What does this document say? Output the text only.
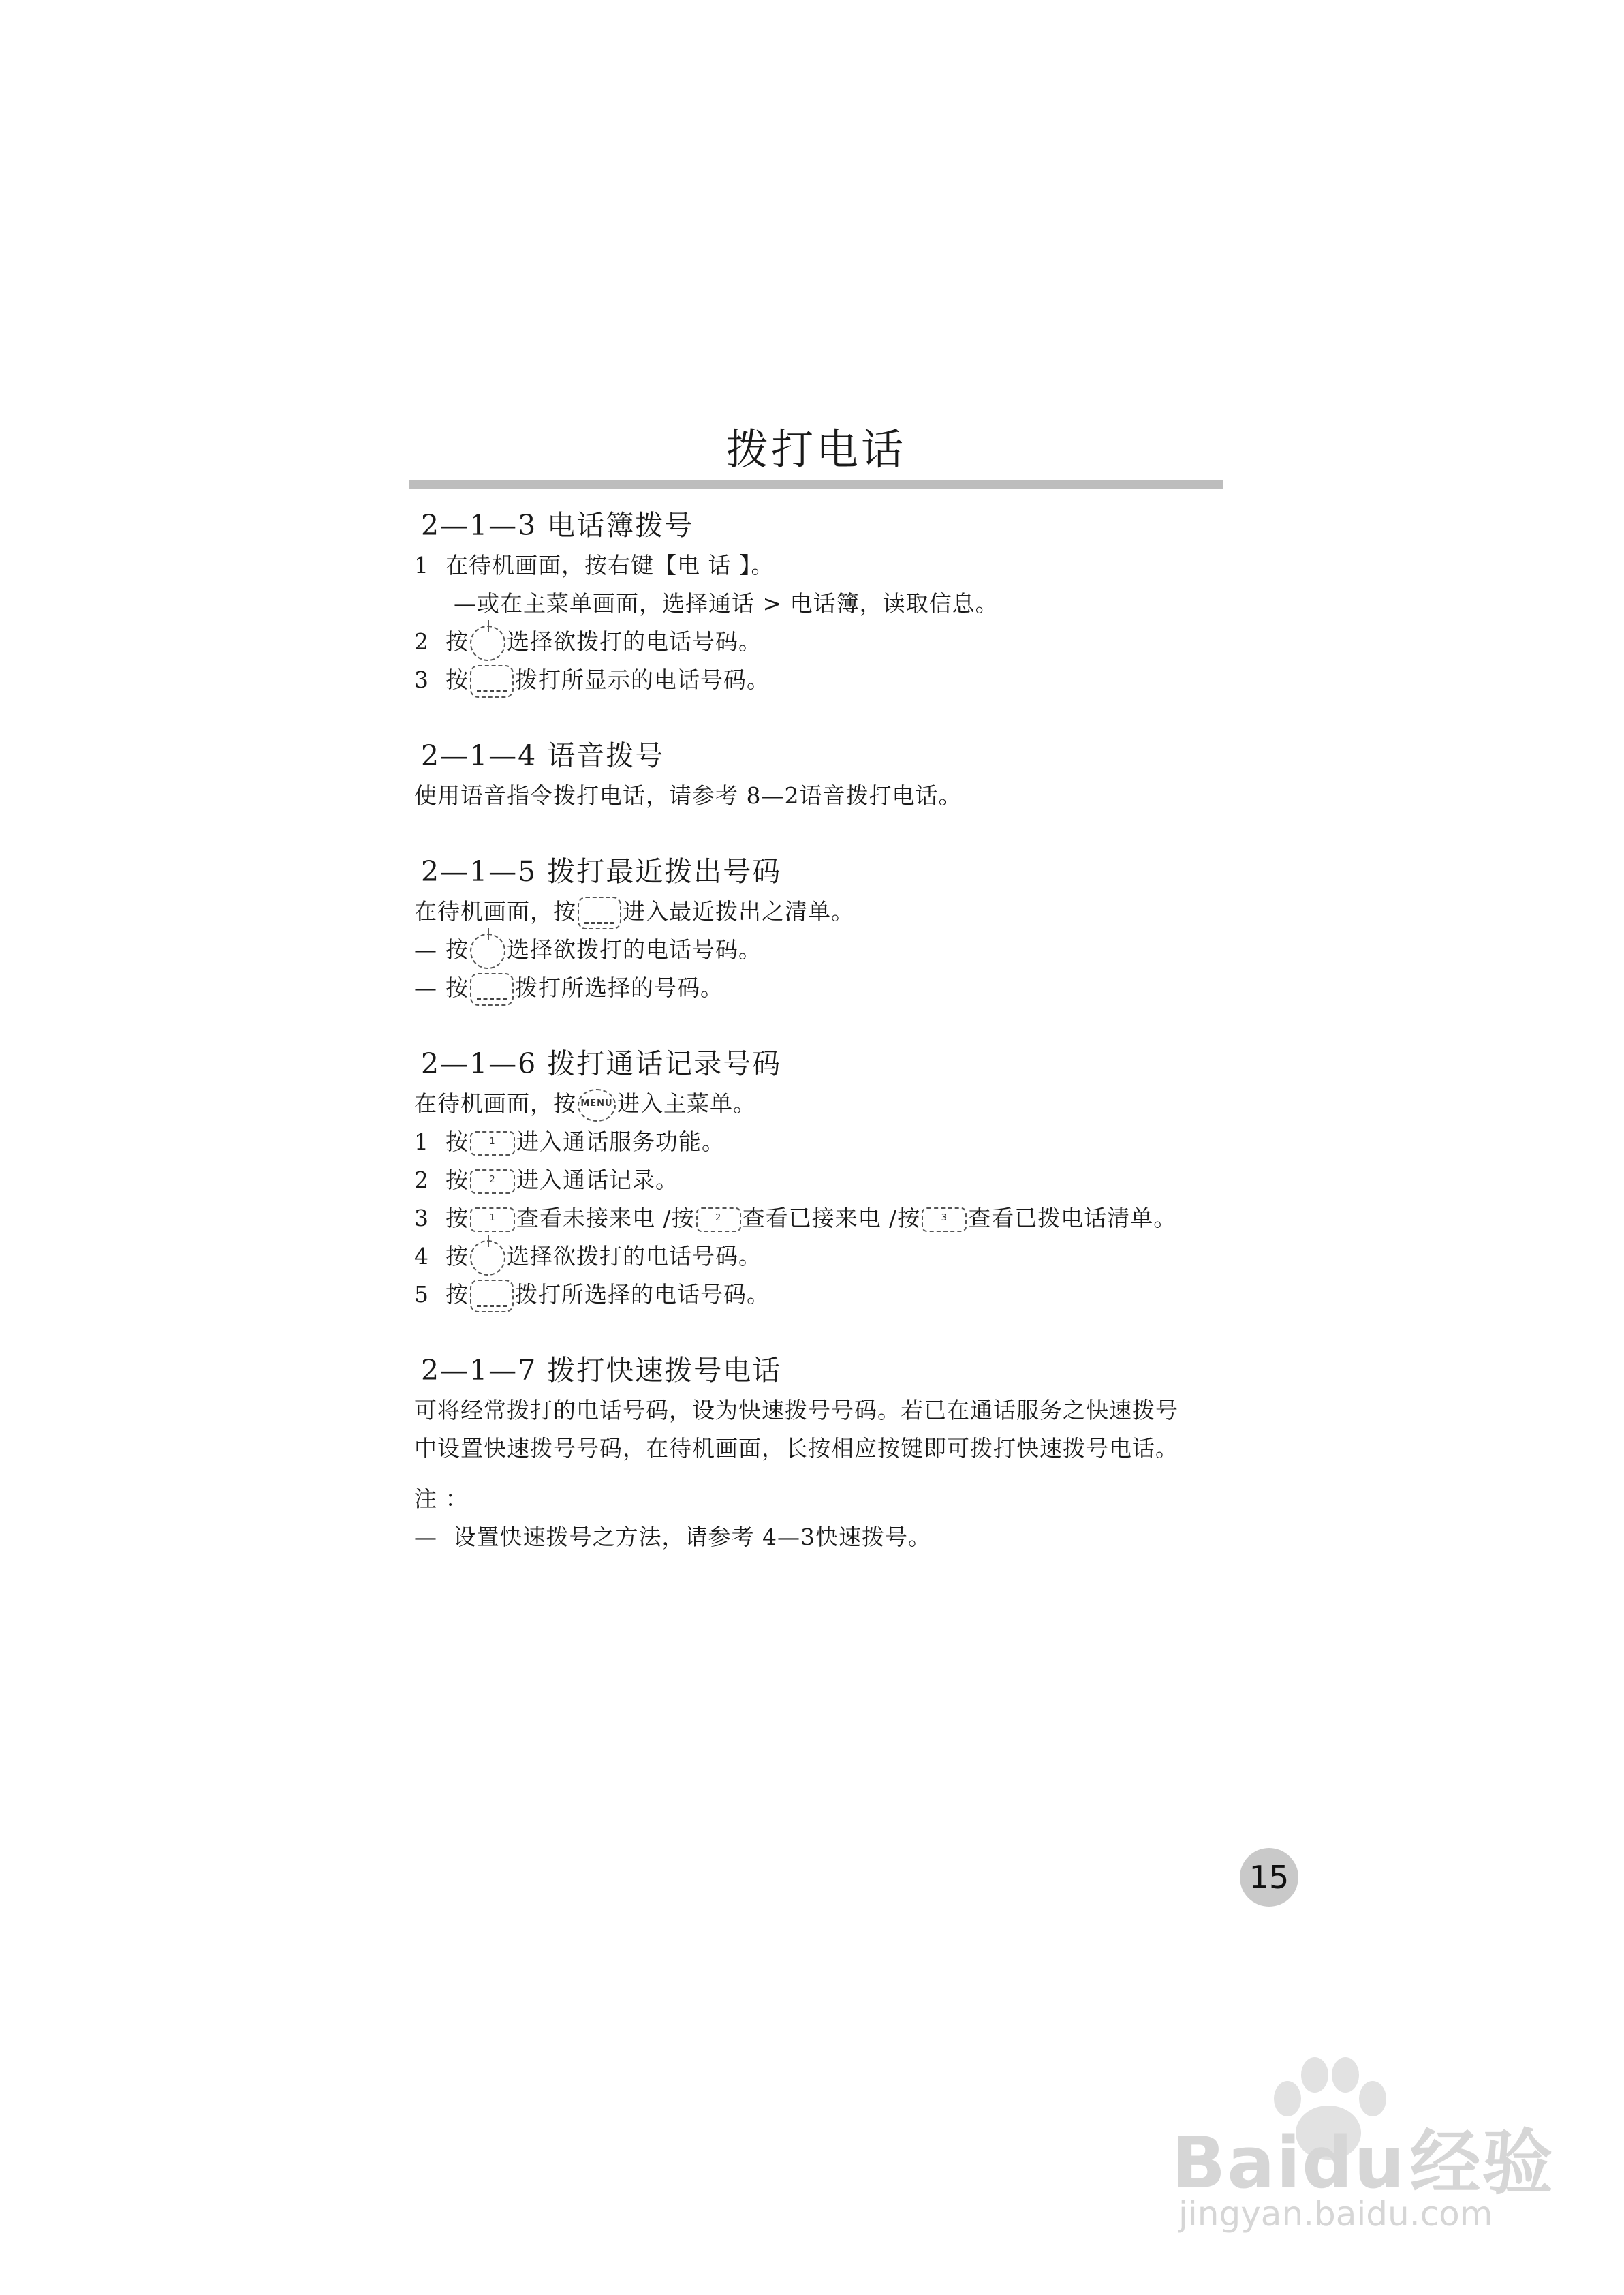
拨打电话
2—1—3 电话簿拨号
1 在待机画面，按右键【电 话 】。
—或在主菜单画面，选择通话 > 电话簿，读取信息。
2 按 选择欲拨打的电话号码。
3 按 拨打所显示的电话号码。
2—1—4 语音拨号
使用语音指令拨打电话，请参考 8—2语音拨打电话。
2—1—5 拨打最近拨出号码
在待机画面，按 进入最近拨出之清单。
— 按 选择欲拨打的电话号码。
— 按 拨打所选择的号码。
2—1—6 拨打通话记录号码
在待机画面，按 MENU 进入主菜单。
1 按 1 进入通话服务功能。
2 按 2 进入通话记录。
3 按 1 查看未接来电 /按 2 查看已接来电 /按 3 查看已拨电话清单。
4 按 选择欲拨打的电话号码。
5 按 拨打所选择的电话号码。
2—1—7 拨打快速拨号电话
可将经常拨打的电话号码，设为快速拨号号码。若已在通话服务之快速拨号
中设置快速拨号号码，在待机画面，长按相应按键即可拨打快速拨号电话。
注 ：
— 设置快速拨号之方法，请参考 4—3快速拨号。
15
Baidu经验
jingyan.baidu.com
